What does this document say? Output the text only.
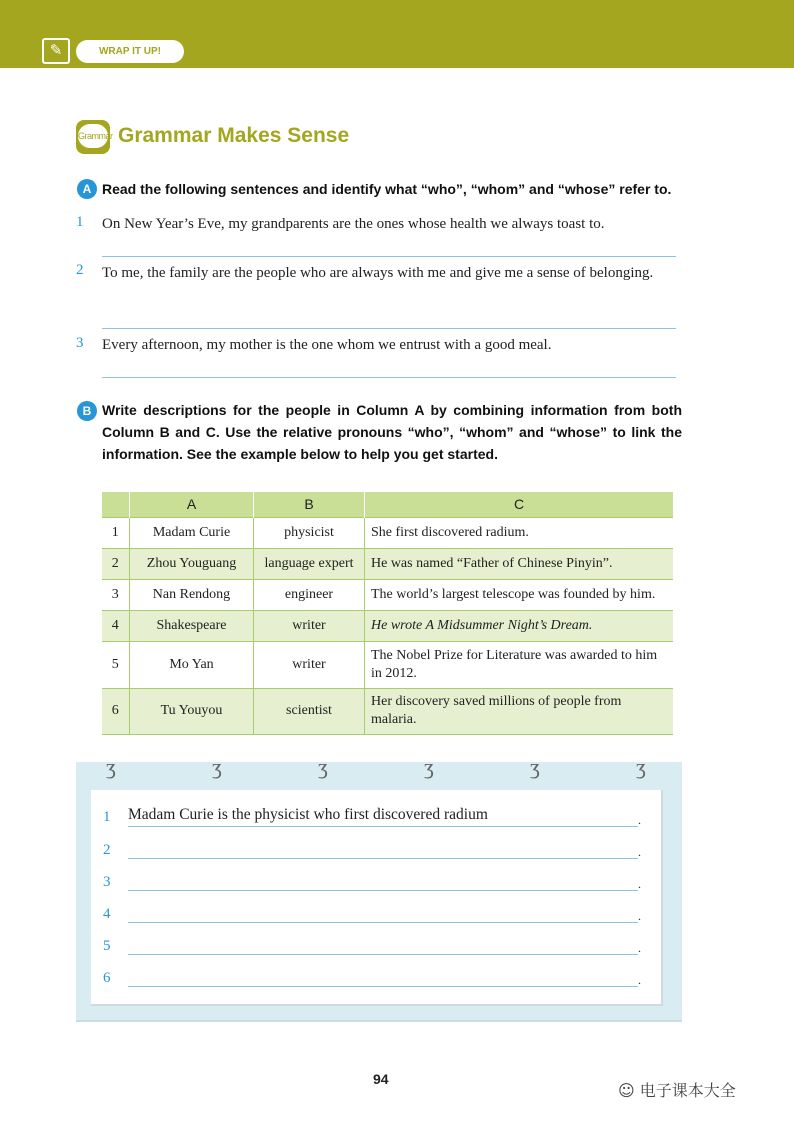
✎	WRAP IT UP!
Grammar Grammar Makes Sense
A Read the following sentences and identify what “who”, “whom” and “whose” refer to.
1 On New Year’s Eve, my grandparents are the ones whose health we always toast to.
2 To me, the family are the people who are always with me and give me a sense of belonging.
3 Every afternoon, my mother is the one whom we entrust with a good meal.
B Write descriptions for the people in Column A by combining information from both Column B and C. Use the relative pronouns “who”, “whom” and “whose” to link the information. See the example below to help you get started.
	A	B	C
1	Madam Curie	physicist	She first discovered radium.
2	Zhou Youguang	language expert	He was named “Father of Chinese Pinyin”.
3	Nan Rendong	engineer	The world’s largest telescope was founded by him.
4	Shakespeare	writer	He wrote A Midsummer Night’s Dream.
5	Mo Yan	writer	The Nobel Prize for Literature was awarded to him in 2012.
6	Tu Youyou	scientist	Her discovery saved millions of people from malaria.
ʒ	ʒ	ʒ	ʒ	ʒ	ʒ
Madam Curie is the physicist who first discovered radium
1	.
2	.
3	.
4	.
5	.
6	.
94
☺ 电子课本大全
